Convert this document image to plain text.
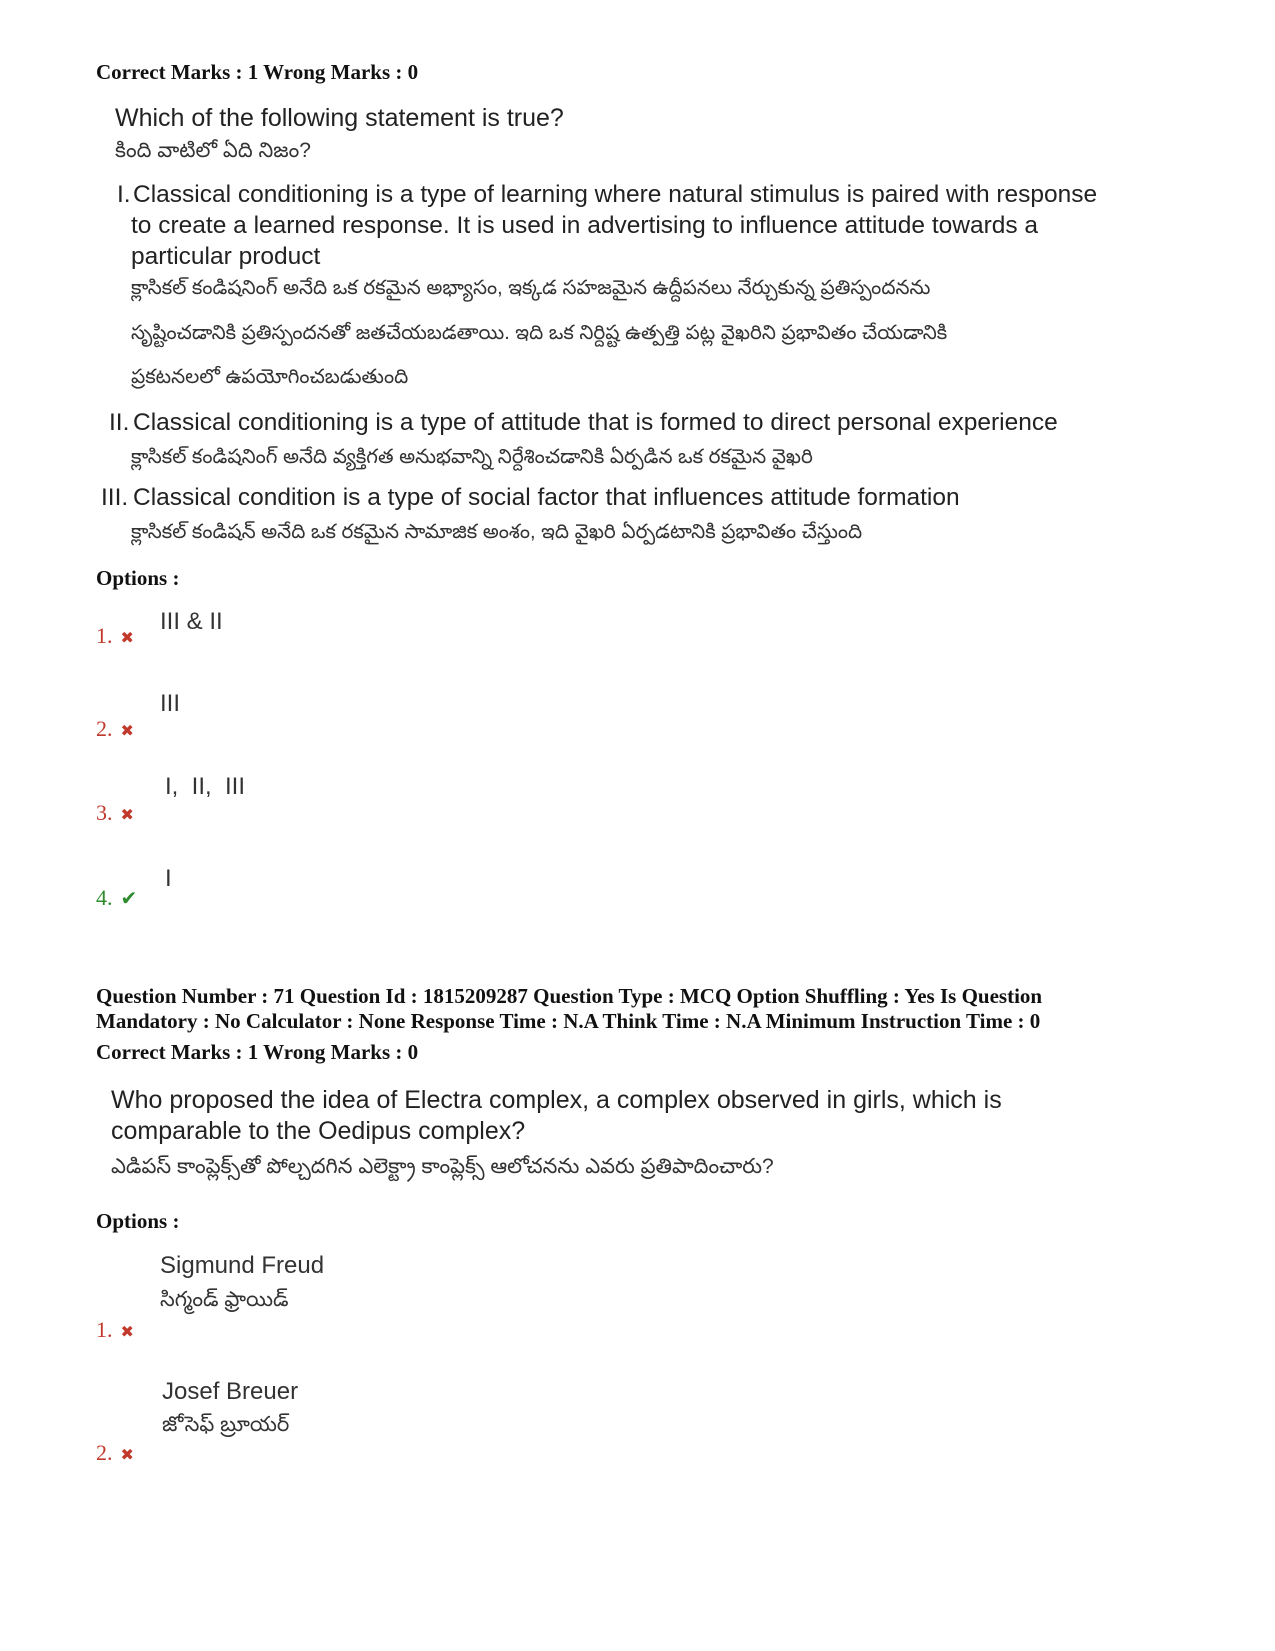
Correct Marks : 1 Wrong Marks : 0
Which of the following statement is true?
కింది వాటిలో ఏది నిజం?
I. Classical conditioning is a type of learning where natural stimulus is paired with response
to create a learned response. It is used in advertising to influence attitude towards a
particular product
క్లాసికల్ కండిషనింగ్ అనేది ఒక రకమైన అభ్యాసం, ఇక్కడ సహజమైన ఉద్దీపనలు నేర్చుకున్న ప్రతిస్పందనను
సృష్టించడానికి ప్రతిస్పందనతో జతచేయబడతాయి. ఇది ఒక నిర్దిష్ట ఉత్పత్తి పట్ల వైఖరిని ప్రభావితం చేయడానికి
ప్రకటనలలో ఉపయోగించబడుతుంది
II. Classical conditioning is a type of attitude that is formed to direct personal experience
క్లాసికల్ కండిషనింగ్ అనేది వ్యక్తిగత అనుభవాన్ని నిర్దేశించడానికి ఏర్పడిన ఒక రకమైన వైఖరి
III. Classical condition is a type of social factor that influences attitude formation
క్లాసికల్ కండిషన్ అనేది ఒక రకమైన సామాజిక అంశం, ఇది వైఖరి ఏర్పడటానికి ప్రభావితం చేస్తుంది
Options :
III & II
1. ✖
III
2. ✖
I,  II,  III
3. ✖
I
4. ✔
Question Number : 71 Question Id : 1815209287 Question Type : MCQ Option Shuffling : Yes Is Question
Mandatory : No Calculator : None Response Time : N.A Think Time : N.A Minimum Instruction Time : 0
Correct Marks : 1 Wrong Marks : 0
Who proposed the idea of Electra complex, a complex observed in girls, which is
comparable to the Oedipus complex?
ఎడిపస్ కాంప్లెక్స్‌తో పోల్చదగిన ఎలెక్ట్రా కాంప్లెక్స్ ఆలోచనను ఎవరు ప్రతిపాదించారు?
Options :
Sigmund Freud
సిగ్మండ్ ఫ్రాయిడ్
1. ✖
Josef Breuer
జోసెఫ్ బ్రూయర్
2. ✖
